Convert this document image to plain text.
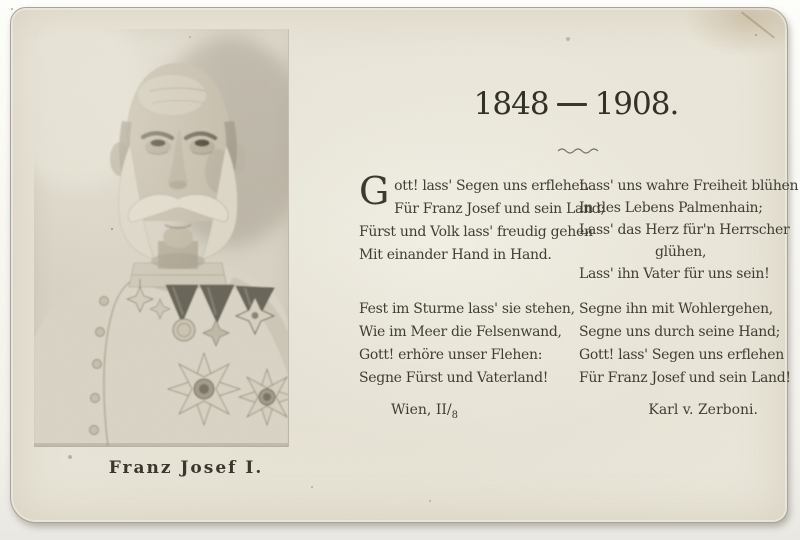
Franz Josef I.
1848 1908.
Gott! lass' Segen uns erflehen
Für Franz Josef und sein Land;
Fürst und Volk lass' freudig gehen
Mit einander Hand in Hand.
Fest im Sturme lass' sie stehen,
Wie im Meer die Felsenwand,
Gott! erhöre unser Flehen:
Segne Fürst und Vaterland!
Lass' uns wahre Freiheit blühen
In des Lebens Palmenhain;
Lass' das Herz für'n Herrscher
glühen,
Lass' ihn Vater für uns sein!
Segne ihn mit Wohlergehen,
Segne uns durch seine Hand;
Gott! lass' Segen uns erflehen
Für Franz Josef und sein Land!
Wien, $II/_8$	Karl v. Zerboni.
